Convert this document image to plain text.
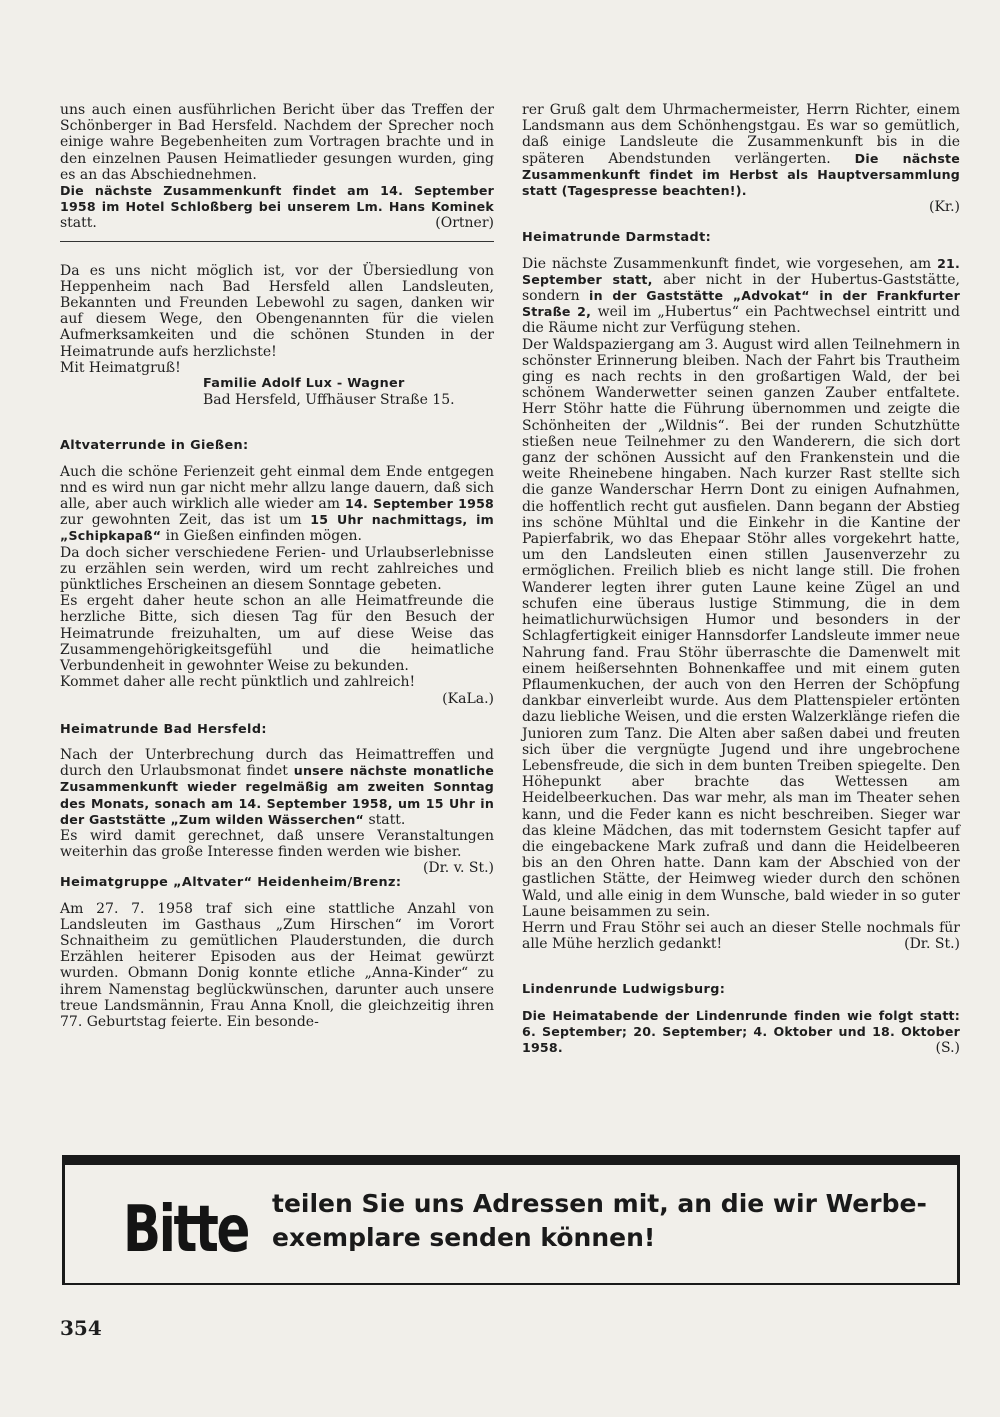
uns auch einen ausführlichen Bericht über das Treffen der Schönberger in Bad Hersfeld. Nachdem der Sprecher noch einige wahre Begebenheiten zum Vortragen brachte und in den einzelnen Pausen Heimatlieder gesungen wurden, ging es an das Abschiednehmen.

Die nächste Zusammenkunft findet am 14. September 1958 im Hotel Schloßberg bei unserem Lm. Hans Kominek statt.	(Ortner)

Da es uns nicht möglich ist, vor der Übersiedlung von Heppenheim nach Bad Hersfeld allen Landsleuten, Bekannten und Freunden Lebewohl zu sagen, danken wir auf diesem Wege, den Obengenannten für die vielen Aufmerksamkeiten und die schönen Stunden in der Heimatrunde aufs herzlichste!

Mit Heimatgruß!

Familie Adolf Lux - Wagner

Bad Hersfeld, Uffhäuser Straße 15.

Altvaterrunde in Gießen:

Auch die schöne Ferienzeit geht einmal dem Ende entgegen nnd es wird nun gar nicht mehr allzu lange dauern, daß sich alle, aber auch wirklich alle wieder am 14. September 1958 zur gewohnten Zeit, das ist um 15 Uhr nachmittags, im „Schipkapaß“ in Gießen einfinden mögen.

Da doch sicher verschiedene Ferien- und Urlaubserlebnisse zu erzählen sein werden, wird um recht zahlreiches und pünktliches Erscheinen an diesem Sonntage gebeten.

Es ergeht daher heute schon an alle Heimatfreunde die herzliche Bitte, sich diesen Tag für den Besuch der Heimatrunde freizuhalten, um auf diese Weise das Zusammengehörigkeitsgefühl und die heimatliche Verbundenheit in gewohnter Weise zu bekunden.

Kommet daher alle recht pünktlich und zahlreich!

(KaLa.)

Heimatrunde Bad Hersfeld:

Nach der Unterbrechung durch das Heimattreffen und durch den Urlaubsmonat findet unsere nächste monatliche Zusammenkunft wieder regelmäßig am zweiten Sonntag des Monats, sonach am 14. September 1958, um 15 Uhr in der Gaststätte „Zum wilden Wässerchen“ statt.

Es wird damit gerechnet, daß unsere Veranstaltungen weiterhin das große Interesse finden werden wie bisher.
(Dr. v. St.)

Heimatgruppe „Altvater“ Heidenheim/Brenz:

Am 27. 7. 1958 traf sich eine stattliche Anzahl von Landsleuten im Gasthaus „Zum Hirschen“ im Vorort Schnaitheim zu gemütlichen Plauderstunden, die durch Erzählen heiterer Episoden aus der Heimat gewürzt wurden. Obmann Donig konnte etliche „Anna-Kinder“ zu ihrem Namenstag beglückwünschen, darunter auch unsere treue Landsmännin, Frau Anna Knoll, die gleichzeitig ihren 77. Geburtstag feierte. Ein besonde-

rer Gruß galt dem Uhrmachermeister, Herrn Richter, einem Landsmann aus dem Schönhengstgau. Es war so gemütlich, daß einige Landsleute die Zusammenkunft bis in die späteren Abendstunden verlängerten. Die nächste Zusammenkunft findet im Herbst als Hauptversammlung statt (Tagespresse beachten!).

(Kr.)

Heimatrunde Darmstadt:

Die nächste Zusammenkunft findet, wie vorgesehen, am 21. September statt, aber nicht in der Hubertus-Gaststätte, sondern in der Gaststätte „Advokat“ in der Frankfurter Straße 2, weil im „Hubertus“ ein Pachtwechsel eintritt und die Räume nicht zur Verfügung stehen.

Der Waldspaziergang am 3. August wird allen Teilnehmern in schönster Erinnerung bleiben. Nach der Fahrt bis Trautheim ging es nach rechts in den großartigen Wald, der bei schönem Wanderwetter seinen ganzen Zauber entfaltete. Herr Stöhr hatte die Führung übernommen und zeigte die Schönheiten der „Wildnis“. Bei der runden Schutzhütte stießen neue Teilnehmer zu den Wanderern, die sich dort ganz der schönen Aussicht auf den Frankenstein und die weite Rheinebene hingaben. Nach kurzer Rast stellte sich die ganze Wanderschar Herrn Dont zu einigen Aufnahmen, die hoffentlich recht gut ausfielen. Dann begann der Abstieg ins schöne Mühltal und die Einkehr in die Kantine der Papierfabrik, wo das Ehepaar Stöhr alles vorgekehrt hatte, um den Landsleuten einen stillen Jausenverzehr zu ermöglichen. Freilich blieb es nicht lange still. Die frohen Wanderer legten ihrer guten Laune keine Zügel an und schufen eine überaus lustige Stimmung, die in dem heimatlichurwüchsigen Humor und besonders in der Schlagfertigkeit einiger Hannsdorfer Landsleute immer neue Nahrung fand. Frau Stöhr überraschte die Damenwelt mit einem heißersehnten Bohnenkaffee und mit einem guten Pflaumenkuchen, der auch von den Herren der Schöpfung dankbar einverleibt wurde. Aus dem Plattenspieler ertönten dazu liebliche Weisen, und die ersten Walzerklänge riefen die Junioren zum Tanz. Die Alten aber saßen dabei und freuten sich über die vergnügte Jugend und ihre ungebrochene Lebensfreude, die sich in dem bunten Treiben spiegelte. Den Höhepunkt aber brachte das Wettessen am Heidelbeerkuchen. Das war mehr, als man im Theater sehen kann, und die Feder kann es nicht beschreiben. Sieger war das kleine Mädchen, das mit todernstem Gesicht tapfer auf die eingebackene Mark zufraß und dann die Heidelbeeren bis an den Ohren hatte. Dann kam der Abschied von der gastlichen Stätte, der Heimweg wieder durch den schönen Wald, und alle einig in dem Wunsche, bald wieder in so guter Laune beisammen zu sein.

Herrn und Frau Stöhr sei auch an dieser Stelle nochmals für alle Mühe herzlich gedankt!	(Dr. St.)

Lindenrunde Ludwigsburg:

Die Heimatabende der Lindenrunde finden wie folgt statt: 6. September; 20. September; 4. Oktober und 18. Oktober 1958.	(S.)

Bitte teilen Sie uns Adressen mit, an die wir Werbe-
exemplare senden können!
354
